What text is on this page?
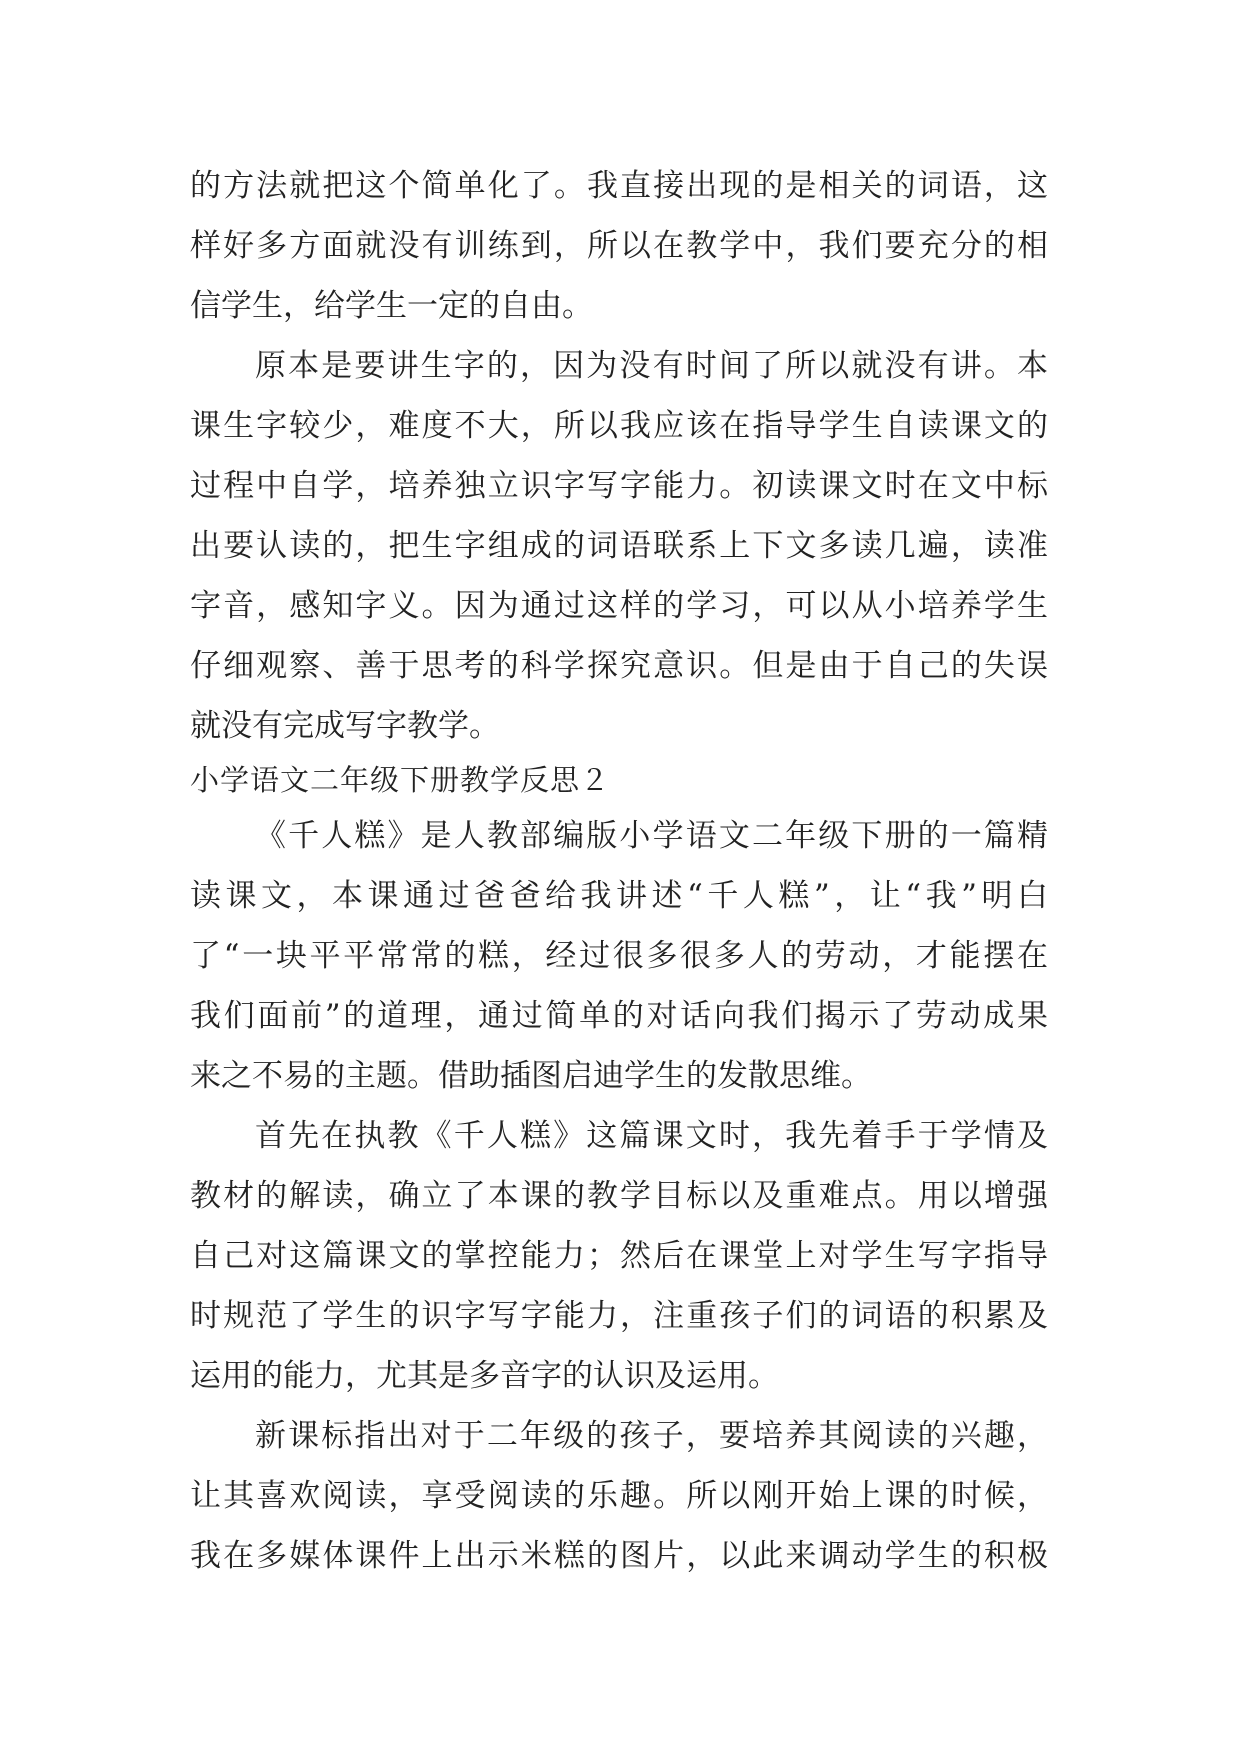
的方法就把这个简单化了。我直接出现的是相关的词语，这
样好多方面就没有训练到，所以在教学中，我们要充分的相
信学生，给学生一定的自由。
原本是要讲生字的，因为没有时间了所以就没有讲。本
课生字较少，难度不大，所以我应该在指导学生自读课文的
过程中自学，培养独立识字写字能力。初读课文时在文中标
出要认读的，把生字组成的词语联系上下文多读几遍，读准
字音，感知字义。因为通过这样的学习，可以从小培养学生
仔细观察、善于思考的科学探究意识。但是由于自己的失误
就没有完成写字教学。
小学语文二年级下册教学反思２
《千人糕》是人教部编版小学语文二年级下册的一篇精
读课文，本课通过爸爸给我讲述“千人糕”，让“我”明白
了“一块平平常常的糕，经过很多很多人的劳动，才能摆在
我们面前”的道理，通过简单的对话向我们揭示了劳动成果
来之不易的主题。借助插图启迪学生的发散思维。
首先在执教《千人糕》这篇课文时，我先着手于学情及
教材的解读，确立了本课的教学目标以及重难点。用以增强
自己对这篇课文的掌控能力；然后在课堂上对学生写字指导
时规范了学生的识字写字能力，注重孩子们的词语的积累及
运用的能力，尤其是多音字的认识及运用。
新课标指出对于二年级的孩子，要培养其阅读的兴趣，
让其喜欢阅读，享受阅读的乐趣。所以刚开始上课的时候，
我在多媒体课件上出示米糕的图片，以此来调动学生的积极
